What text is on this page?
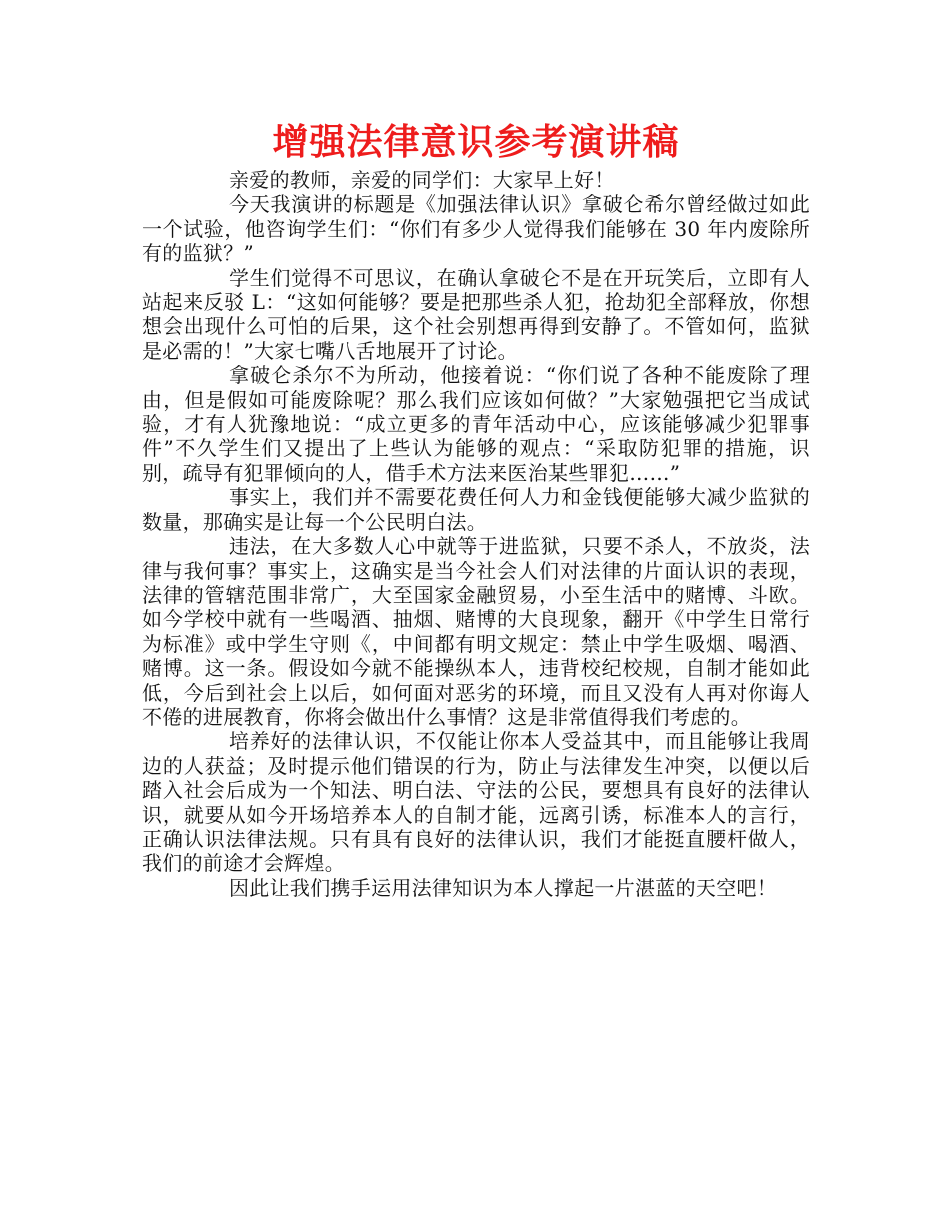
增强法律意识参考演讲稿

亲爱的教师，亲爱的同学们：大家早上好！

今天我演讲的标题是《加强法律认识》拿破仑希尔曾经做过如此一个试验，他咨询学生们：“你们有多少人觉得我们能够在 30 年内废除所有的监狱？”

学生们觉得不可思议，在确认拿破仑不是在开玩笑后，立即有人站起来反驳 L：“这如何能够？要是把那些杀人犯，抢劫犯全部释放，你想想会出现什么可怕的后果，这个社会别想再得到安静了。不管如何，监狱是必需的！”大家七嘴八舌地展开了讨论。

拿破仑杀尔不为所动，他接着说：“你们说了各种不能废除了理由，但是假如可能废除呢？那么我们应该如何做？”大家勉强把它当成试验，才有人犹豫地说：“成立更多的青年活动中心，应该能够减少犯罪事件”不久学生们又提出了上些认为能够的观点：“采取防犯罪的措施，识别，疏导有犯罪倾向的人，借手术方法来医治某些罪犯……”

事实上，我们并不需要花费任何人力和金钱便能够大减少监狱的数量，那确实是让每一个公民明白法。

违法，在大多数人心中就等于进监狱，只要不杀人，不放炎，法律与我何事？事实上，这确实是当今社会人们对法律的片面认识的表现，法律的管辖范围非常广，大至国家金融贸易，小至生活中的赌博、斗欧。如今学校中就有一些喝酒、抽烟、赌博的大良现象，翻开《中学生日常行为标准》或中学生守则《，中间都有明文规定：禁止中学生吸烟、喝酒、赌博。这一条。假设如今就不能操纵本人，违背校纪校规，自制才能如此低，今后到社会上以后，如何面对恶劣的环境，而且又没有人再对你诲人不倦的进展教育，你将会做出什么事情？这是非常值得我们考虑的。

培养好的法律认识，不仅能让你本人受益其中，而且能够让我周边的人获益；及时提示他们错误的行为，防止与法律发生冲突，以便以后踏入社会后成为一个知法、明白法、守法的公民，要想具有良好的法律认识，就要从如今开场培养本人的自制才能，远离引诱，标准本人的言行，正确认识法律法规。只有具有良好的法律认识，我们才能挺直腰杆做人，我们的前途才会辉煌。

因此让我们携手运用法律知识为本人撑起一片湛蓝的天空吧！
